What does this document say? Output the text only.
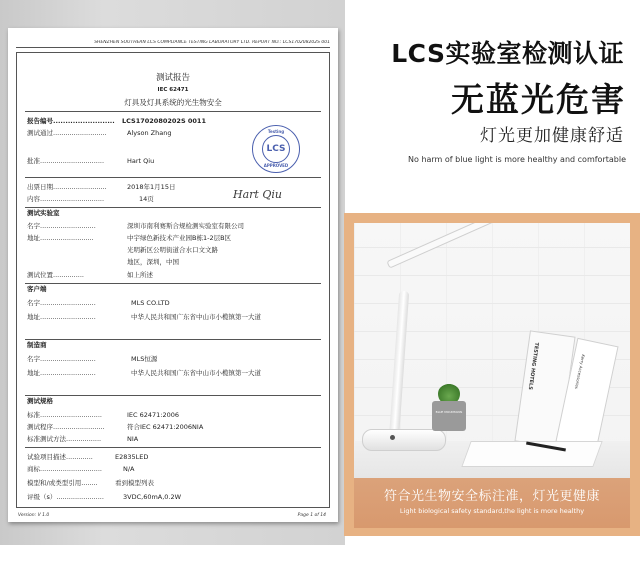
SHENZHEN SOUTHERN LCS COMPLIANCE TESTING LABORATORY LTD. REPORT NO.: LCS170208202S 001
测试报告
IEC 62471
灯具及灯具系统的光生物安全
报告编号......................... LCS1702080202S 0011
测试通过..........................	Alyson Zhang
批准...............................	Hart Qiu
出票日期..........................	2018年1月15日
内容...............................	14页
测试实验室
名字...........................	深圳市南利赛斯合规检测实验室有限公司
地址..........................	中宇绿色新技术产业园B栋1-2层B区
光明新区公明街道合水口文文路
地区，深圳，中国
测试位置...............	如上所述
客户端
名字...........................	MLS CO.LTD
地址...........................	中华人民共和国广东省中山市小榄镇第一大道
制造商
名字...........................	MLS恒源
地址...........................	中华人民共和国广东省中山市小榄镇第一大道
测试规格
标准..............................	IEC 62471:2006
测试程序.........................	符合IEC 62471:2006NIA
标准测试方法.................	NIA
试验项目描述.............	E2835LED
商标..............................	N/A
模型和/或类型引用........	看到模型列表
评级（s）.......................	3VDC,60mA,0.2W
Testing
LCS
APPROVED
Hart Qiu
Version: V 1.0	Page 1 of 14
LCS实验室检测认证
无蓝光危害
灯光更加健康舒适
No harm of blue light is more healthy and comfortable
BLUE MOUNTAINS
TESTING HOTELS	Kerry Accessories
符合光生物安全标注准，灯光更健康
Light biological safety standard,the light is more healthy
